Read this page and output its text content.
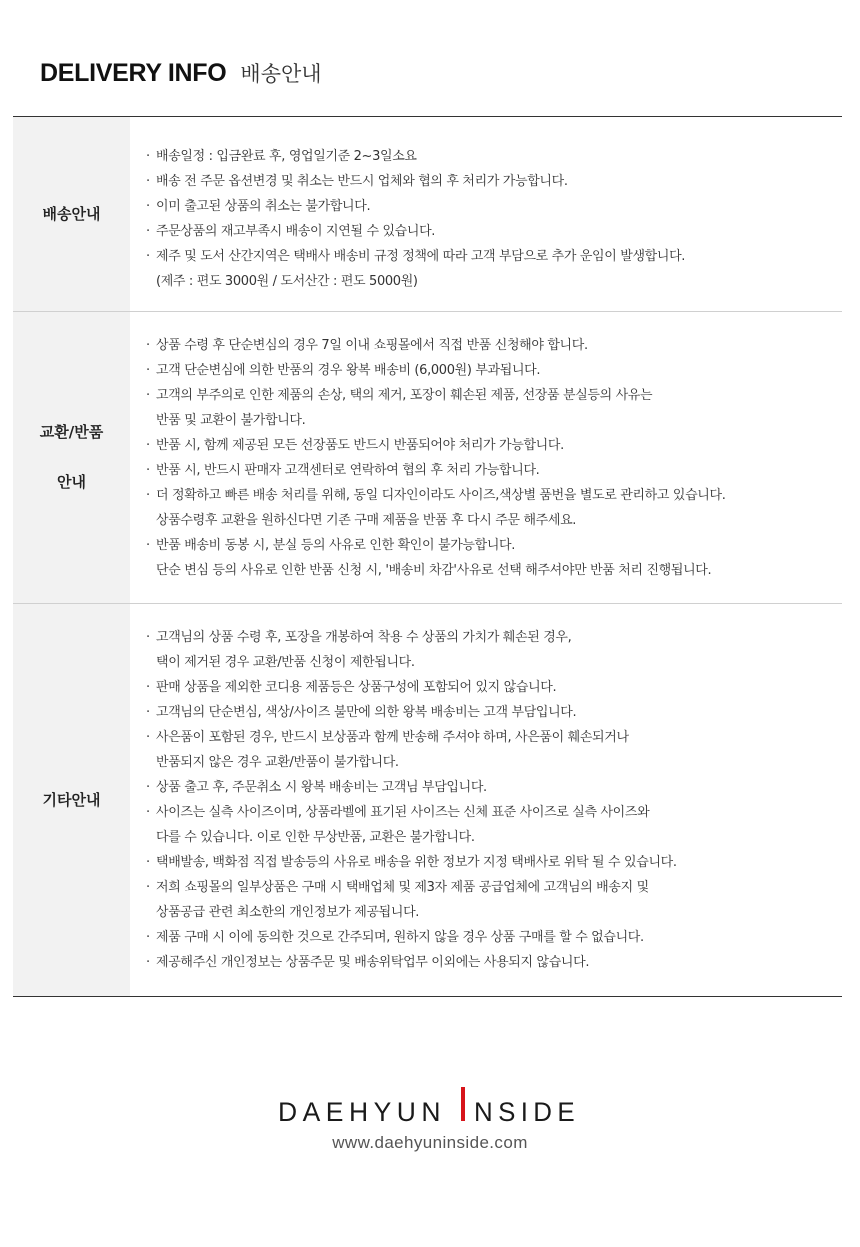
DELIVERY INFO 배송안내
배송안내
· 배송일정 : 입금완료 후, 영업일기준 2~3일소요
· 배송 전 주문 옵션변경 및 취소는 반드시 업체와 협의 후 처리가 가능합니다.
· 이미 출고된 상품의 취소는 불가합니다.
· 주문상품의 재고부족시 배송이 지연될 수 있습니다.
· 제주 및 도서 산간지역은 택배사 배송비 규정 정책에 따라 고객 부담으로 추가 운임이 발생합니다.
(제주 : 편도 3000원 / 도서산간 : 편도 5000원)
교환/반품

안내
· 상품 수령 후 단순변심의 경우 7일 이내 쇼핑몰에서 직접 반품 신청해야 합니다.
· 고객 단순변심에 의한 반품의 경우 왕복 배송비 (6,000원) 부과됩니다.
· 고객의 부주의로 인한 제품의 손상, 택의 제거, 포장이 훼손된 제품, 선장품 분실등의 사유는
반품 및 교환이 불가합니다.
· 반품 시, 함께 제공된 모든 선장품도 반드시 반품되어야 처리가 가능합니다.
· 반품 시, 반드시 판매자 고객센터로 연락하여 협의 후 처리 가능합니다.
· 더 정확하고 빠른 배송 처리를 위해, 동일 디자인이라도 사이즈,색상별 품번을 별도로 관리하고 있습니다.
상품수령후 교환을 원하신다면 기존 구매 제품을 반품 후 다시 주문 해주세요.
· 반품 배송비 동봉 시, 분실 등의 사유로 인한 확인이 불가능합니다.
단순 변심 등의 사유로 인한 반품 신청 시, '배송비 차감'사유로 선택 해주셔야만 반품 처리 진행됩니다.
기타안내
· 고객님의 상품 수령 후, 포장을 개봉하여 착용 수 상품의 가치가 훼손된 경우,
택이 제거된 경우 교환/반품 신청이 제한됩니다.
· 판매 상품을 제외한 코디용 제품등은 상품구성에 포함되어 있지 않습니다.
· 고객님의 단순변심, 색상/사이즈 불만에 의한 왕복 배송비는 고객 부담입니다.
· 사은품이 포함된 경우, 반드시 보상품과 함께 반송해 주셔야 하며, 사은품이 훼손되거나
반품되지 않은 경우 교환/반품이 불가합니다.
· 상품 출고 후, 주문취소 시 왕복 배송비는 고객님 부담입니다.
· 사이즈는 실측 사이즈이며, 상품라벨에 표기된 사이즈는 신체 표준 사이즈로 실측 사이즈와
다를 수 있습니다. 이로 인한 무상반품, 교환은 불가합니다.
· 택배발송, 백화점 직접 발송등의 사유로 배송을 위한 정보가 지정 택배사로 위탁 될 수 있습니다.
· 저희 쇼핑몰의 일부상품은 구매 시 택배업체 및 제3자 제품 공급업체에 고객님의 배송지 및
상품공급 관련 최소한의 개인정보가 제공됩니다.
· 제품 구매 시 이에 동의한 것으로 간주되며, 원하지 않을 경우 상품 구매를 할 수 없습니다.
· 제공해주신 개인정보는 상품주문 및 배송위탁업무 이외에는 사용되지 않습니다.
DAEHYUN NSIDE
www.daehyuninside.com
